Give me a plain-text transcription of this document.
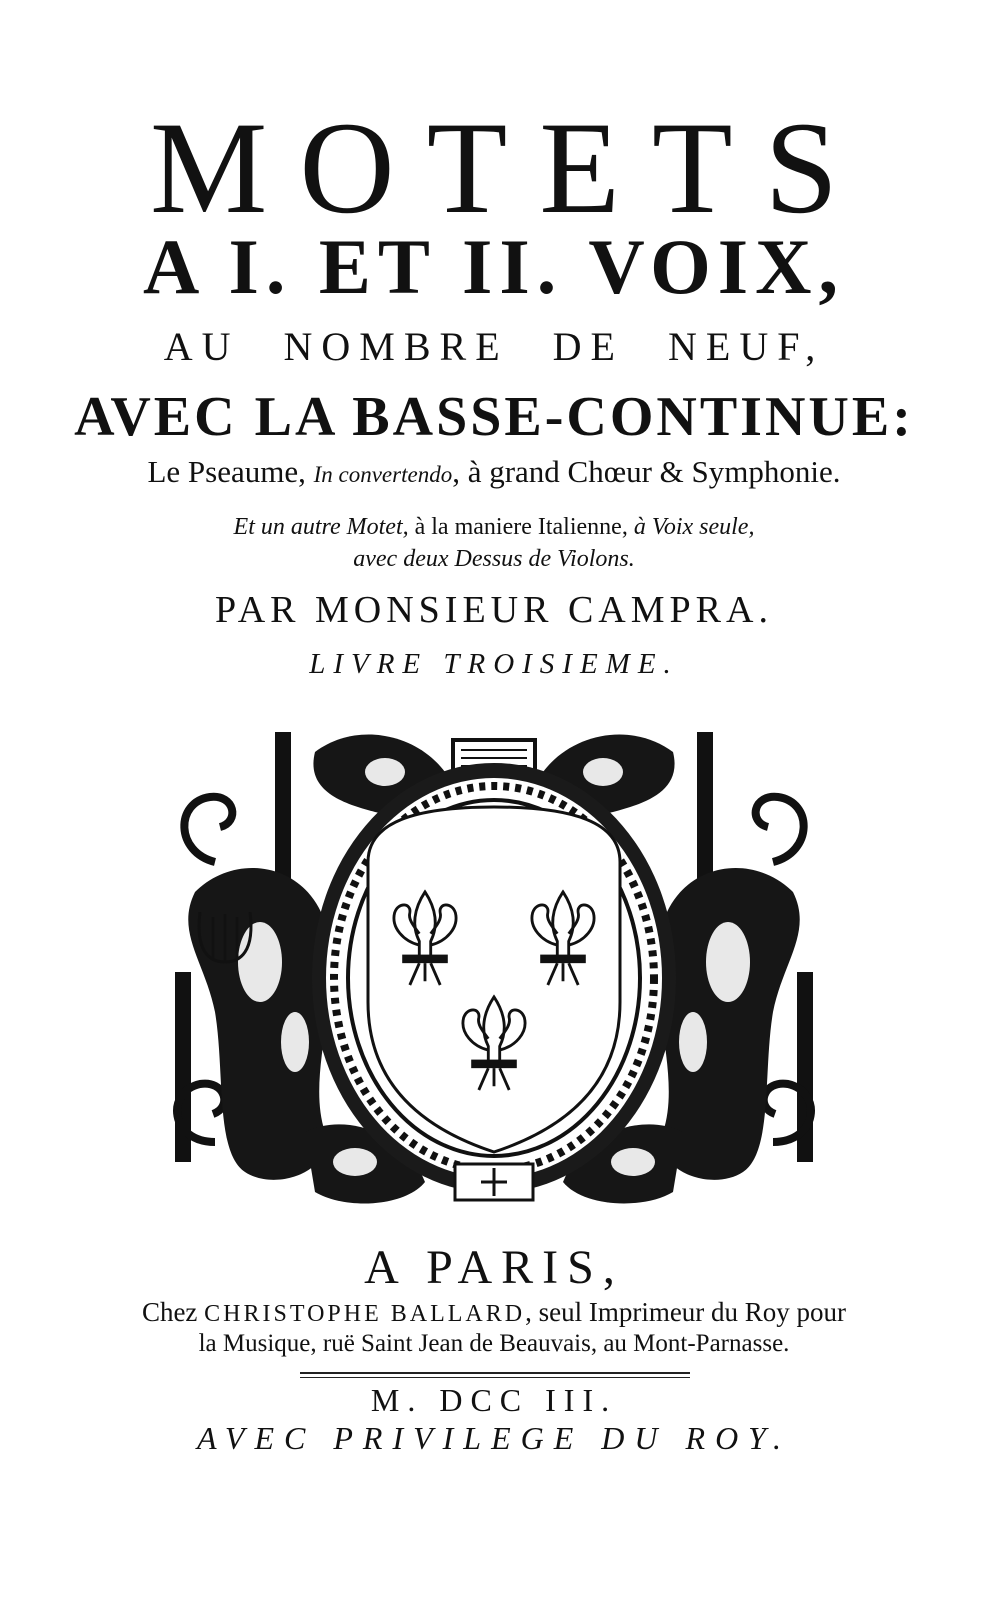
MOTETS
A I. ET II. VOIX,
AU NOMBRE DE NEUF,
AVEC LA BASSE-CONTINUE:
Le Pseaume, In convertendo, à grand Chœur & Symphonie.
Et un autre Motet, à la maniere Italienne, à Voix seule,
avec deux Dessus de Violons.
PAR MONSIEUR CAMPRA.
LIVRE TROISIEME.
A PARIS,
Chez CHRISTOPHE BALLARD, seul Imprimeur du Roy pour
la Musique, ruë Saint Jean de Beauvais, au Mont-Parnasse.
M. DCC III.
AVEC PRIVILEGE DU ROY.
